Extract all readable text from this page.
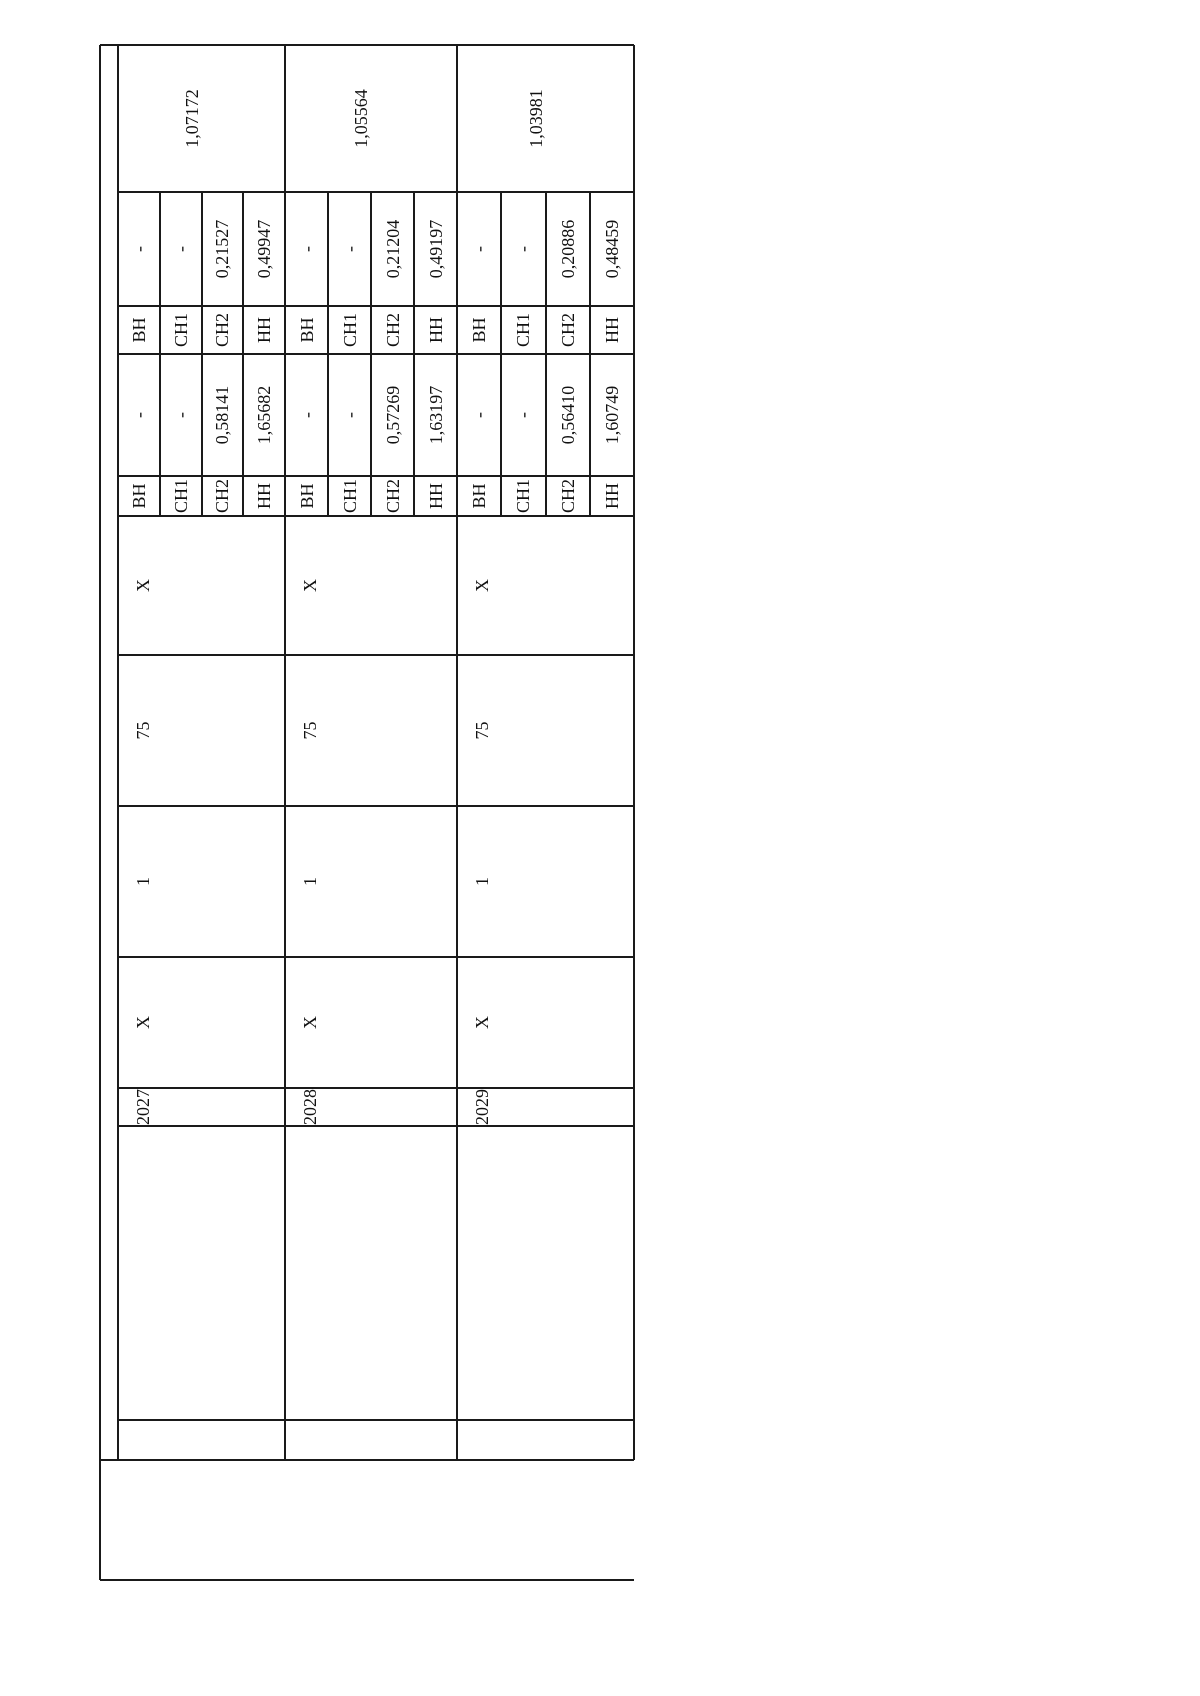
2027
X
1
75
X
ВН
-
ВН
-
СН1
-
СН1
-
СН2
0,58141
СН2
0,21527
НН
1,65682
НН
0,49947
1,07172
2028
X
1
75
X
ВН
-
ВН
-
СН1
-
СН1
-
СН2
0,57269
СН2
0,21204
НН
1,63197
НН
0,49197
1,05564
2029
X
1
75
X
ВН
-
ВН
-
СН1
-
СН1
-
СН2
0,56410
СН2
0,20886
НН
1,60749
НН
0,48459
1,03981
